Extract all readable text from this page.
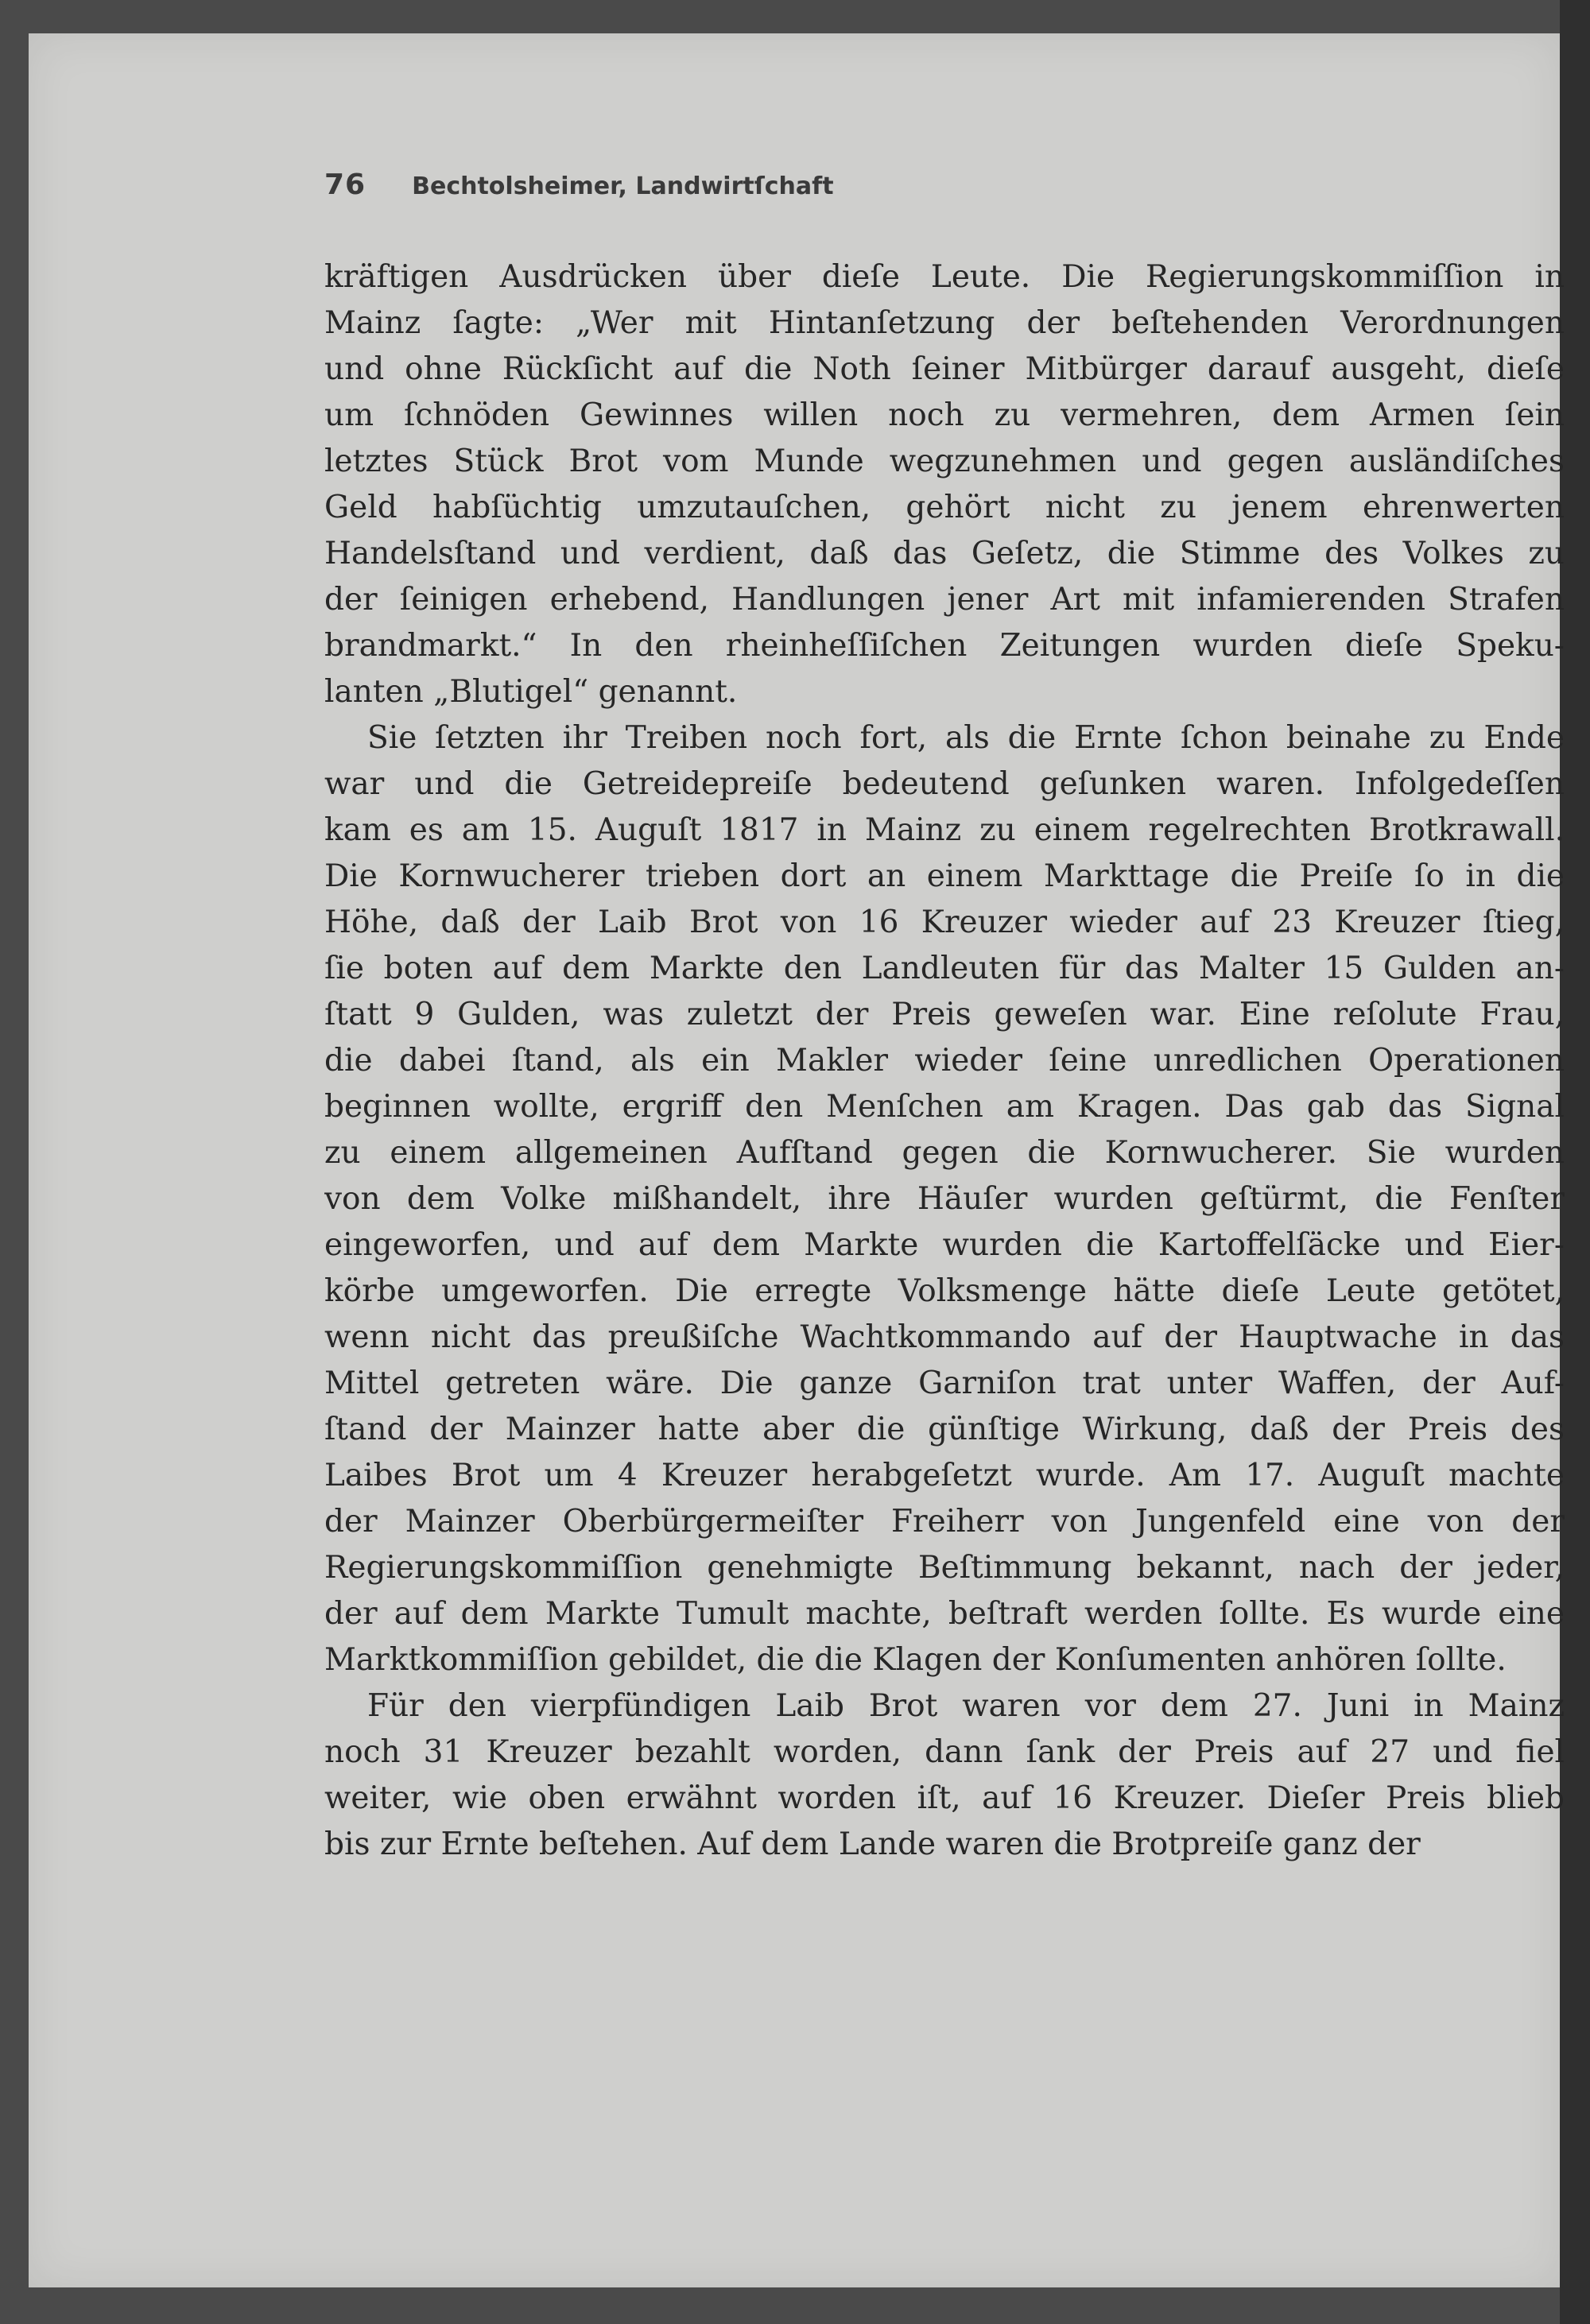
76 Bechtolsheimer, Landwirtſchaft
kräftigen Ausdrücken über dieſe Leute. Die Regierungskommiſſion in
Mainz ſagte: „Wer mit Hintanſetzung der beſtehenden Verordnungen
und ohne Rückſicht auf die Noth ſeiner Mitbürger darauf ausgeht, dieſe
um ſchnöden Gewinnes willen noch zu vermehren, dem Armen ſein
letztes Stück Brot vom Munde wegzunehmen und gegen ausländiſches
Geld habſüchtig umzutauſchen, gehört nicht zu jenem ehrenwerten
Handelsſtand und verdient, daß das Geſetz, die Stimme des Volkes zu
der ſeinigen erhebend, Handlungen jener Art mit infamierenden Strafen
brandmarkt.“ In den rheinheſſiſchen Zeitungen wurden dieſe Speku-
lanten „Blutigel“ genannt.
Sie ſetzten ihr Treiben noch fort, als die Ernte ſchon beinahe zu Ende
war und die Getreidepreiſe bedeutend geſunken waren. Infolgedeſſen
kam es am 15. Auguſt 1817 in Mainz zu einem regelrechten Brotkrawall.
Die Kornwucherer trieben dort an einem Markttage die Preiſe ſo in die
Höhe, daß der Laib Brot von 16 Kreuzer wieder auf 23 Kreuzer ſtieg,
ſie boten auf dem Markte den Landleuten für das Malter 15 Gulden an-
ſtatt 9 Gulden, was zuletzt der Preis geweſen war. Eine reſolute Frau,
die dabei ſtand, als ein Makler wieder ſeine unredlichen Operationen
beginnen wollte, ergriff den Menſchen am Kragen. Das gab das Signal
zu einem allgemeinen Aufſtand gegen die Kornwucherer. Sie wurden
von dem Volke mißhandelt, ihre Häuſer wurden geſtürmt, die Fenſter
eingeworfen, und auf dem Markte wurden die Kartoffelſäcke und Eier-
körbe umgeworfen. Die erregte Volksmenge hätte dieſe Leute getötet,
wenn nicht das preußiſche Wachtkommando auf der Hauptwache in das
Mittel getreten wäre. Die ganze Garniſon trat unter Waffen, der Auf-
ſtand der Mainzer hatte aber die günſtige Wirkung, daß der Preis des
Laibes Brot um 4 Kreuzer herabgeſetzt wurde. Am 17. Auguſt machte
der Mainzer Oberbürgermeiſter Freiherr von Jungenfeld eine von der
Regierungskommiſſion genehmigte Beſtimmung bekannt, nach der jeder,
der auf dem Markte Tumult machte, beſtraft werden ſollte. Es wurde eine
Marktkommiſſion gebildet, die die Klagen der Konſumenten anhören ſollte.
Für den vierpfündigen Laib Brot waren vor dem 27. Juni in Mainz
noch 31 Kreuzer bezahlt worden, dann ſank der Preis auf 27 und fiel
weiter, wie oben erwähnt worden iſt, auf 16 Kreuzer. Dieſer Preis blieb
bis zur Ernte beſtehen. Auf dem Lande waren die Brotpreiſe ganz der
